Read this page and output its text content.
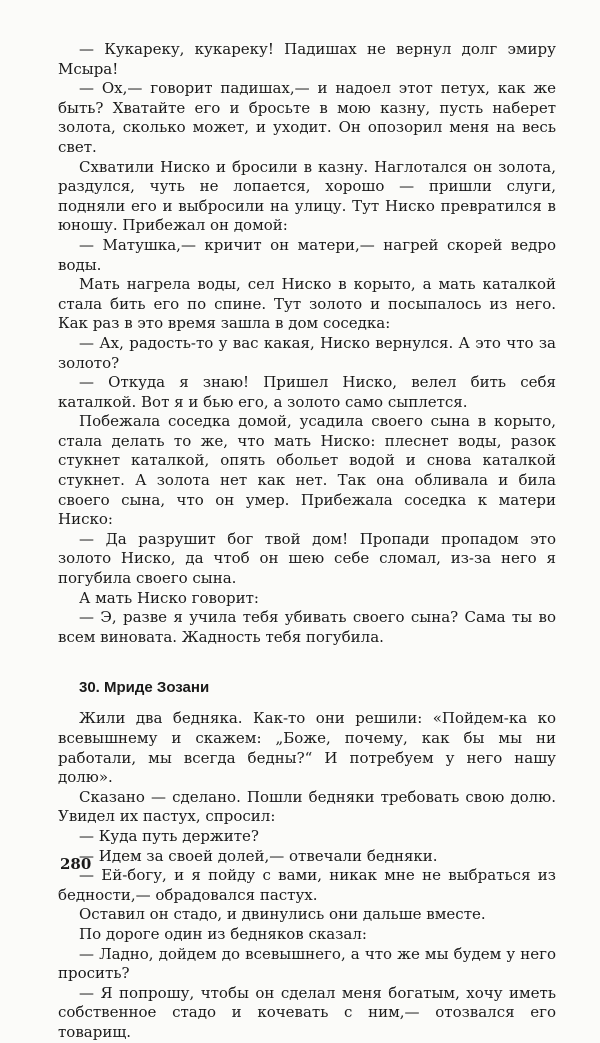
— Кукареку, кукареку! Падишах не вернул долг эмиру Мсыра!

— Ох,— говорит падишах,— и надоел этот петух, как же быть? Хватайте его и бросьте в мою казну, пусть наберет золота, сколько может, и уходит. Он опозорил меня на весь свет.

Схватили Ниско и бросили в казну. Наглотался он золота, раздулся, чуть не лопается, хорошо — пришли слуги, подняли его и выбросили на улицу. Тут Ниско превратился в юношу. Прибежал он домой:

— Матушка,— кричит он матери,— нагрей скорей ведро воды.

Мать нагрела воды, сел Ниско в корыто, а мать каталкой стала бить его по спине. Тут золото и посыпалось из него. Как раз в это время зашла в дом соседка:

— Ах, радость-то у вас какая, Ниско вернулся. А это что за золото?

— Откуда я знаю! Пришел Ниско, велел бить себя каталкой. Вот я и бью его, а золото само сыплется.

Побежала соседка домой, усадила своего сына в корыто, стала делать то же, что мать Ниско: плеснет воды, разок стукнет каталкой, опять обольет водой и снова каталкой стукнет. А золота нет как нет. Так она обливала и била своего сына, что он умер. Прибежала соседка к матери Ниско:

— Да разрушит бог твой дом! Пропади пропадом это золото Ниско, да чтоб он шею себе сломал, из-за него я погубила своего сына.

А мать Ниско говорит:

— Э, разве я учила тебя убивать своего сына? Сама ты во всем виновата. Жадность тебя погубила.

30. Мриде Зозани

Жили два бедняка. Как-то они решили: «Пойдем-ка ко всевышнему и скажем: „Боже, почему, как бы мы ни работали, мы всегда бедны?“ И потребуем у него нашу долю».

Сказано — сделано. Пошли бедняки требовать свою долю. Увидел их пастух, спросил:

— Куда путь держите?

— Идем за своей долей,— отвечали бедняки.

— Ей-богу, и я пойду с вами, никак мне не выбраться из бедности,— обрадовался пастух.

Оставил он стадо, и двинулись они дальше вместе.

По дороге один из бедняков сказал:

— Ладно, дойдем до всевышнего, а что же мы будем у него просить?

— Я попрошу, чтобы он сделал меня богатым, хочу иметь собственное стадо и кочевать с ним,— отозвался его товарищ.

280
